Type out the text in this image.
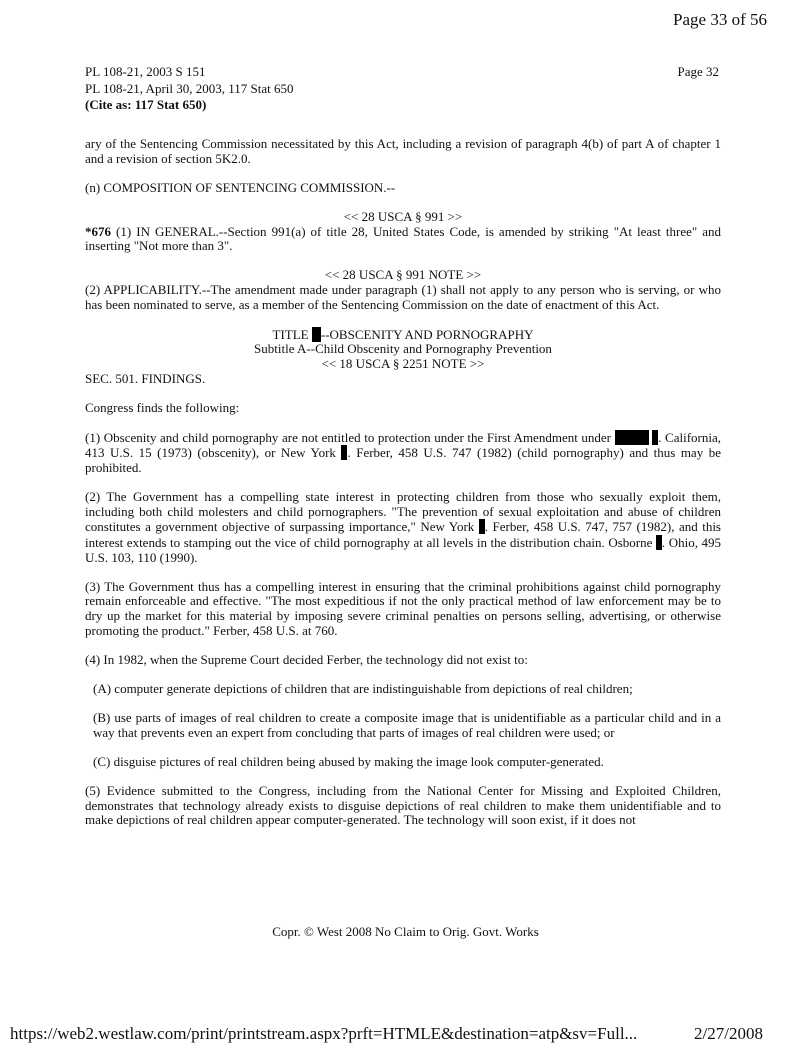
Page 33 of 56
PL 108-21, 2003 S 151
PL 108-21, April 30, 2003, 117 Stat 650
(Cite as: 117 Stat 650)
Page 32

ary of the Sentencing Commission necessitated by this Act, including a revision of paragraph 4(b) of part A of chapter 1 and a revision of section 5K2.0.

(n) COMPOSITION OF SENTENCING COMMISSION.--

<< 28 USCA § 991 >>

*676 (1) IN GENERAL.--Section 991(a) of title 28, United States Code, is amended by striking "At least three" and inserting "Not more than 3".

<< 28 USCA § 991 NOTE >>

(2) APPLICABILITY.--The amendment made under paragraph (1) shall not apply to any person who is serving, or who has been nominated to serve, as a member of the Sentencing Commission on the date of enactment of this Act.

TITLE --OBSCENITY AND PORNOGRAPHY

Subtitle A--Child Obscenity and Pornography Prevention

<< 18 USCA § 2251 NOTE >>

SEC. 501. FINDINGS.

Congress finds the following:

(1) Obscenity and child pornography are not entitled to protection under the First Amendment under	. California, 413 U.S. 15 (1973) (obscenity), or New York . Ferber, 458 U.S. 747 (1982) (child pornography) and thus may be prohibited.

(2) The Government has a compelling state interest in protecting children from those who sexually exploit them, including both child molesters and child pornographers. "The prevention of sexual exploitation and abuse of children constitutes a government objective of surpassing importance," New York . Ferber, 458 U.S. 747, 757 (1982), and this interest extends to stamping out the vice of child pornography at all levels in the distribution chain. Osborne . Ohio, 495 U.S. 103, 110 (1990).

(3) The Government thus has a compelling interest in ensuring that the criminal prohibitions against child pornography remain enforceable and effective. "The most expeditious if not the only practical method of law enforcement may be to dry up the market for this material by imposing severe criminal penalties on persons selling, advertising, or otherwise promoting the product." Ferber, 458 U.S. at 760.

(4) In 1982, when the Supreme Court decided Ferber, the technology did not exist to:

(A) computer generate depictions of children that are indistinguishable from depictions of real children;

(B) use parts of images of real children to create a composite image that is unidentifiable as a particular child and in a way that prevents even an expert from concluding that parts of images of real children were used; or

(C) disguise pictures of real children being abused by making the image look computer-generated.

(5) Evidence submitted to the Congress, including from the National Center for Missing and Exploited Children, demonstrates that technology already exists to disguise depictions of real children to make them unidentifiable and to make depictions of real children appear computer-generated. The technology will soon exist, if it does not

Copr. © West 2008 No Claim to Orig. Govt. Works
https://web2.westlaw.com/print/printstream.aspx?prft=HTMLE&destination=atp&sv=Full...	2/27/2008
